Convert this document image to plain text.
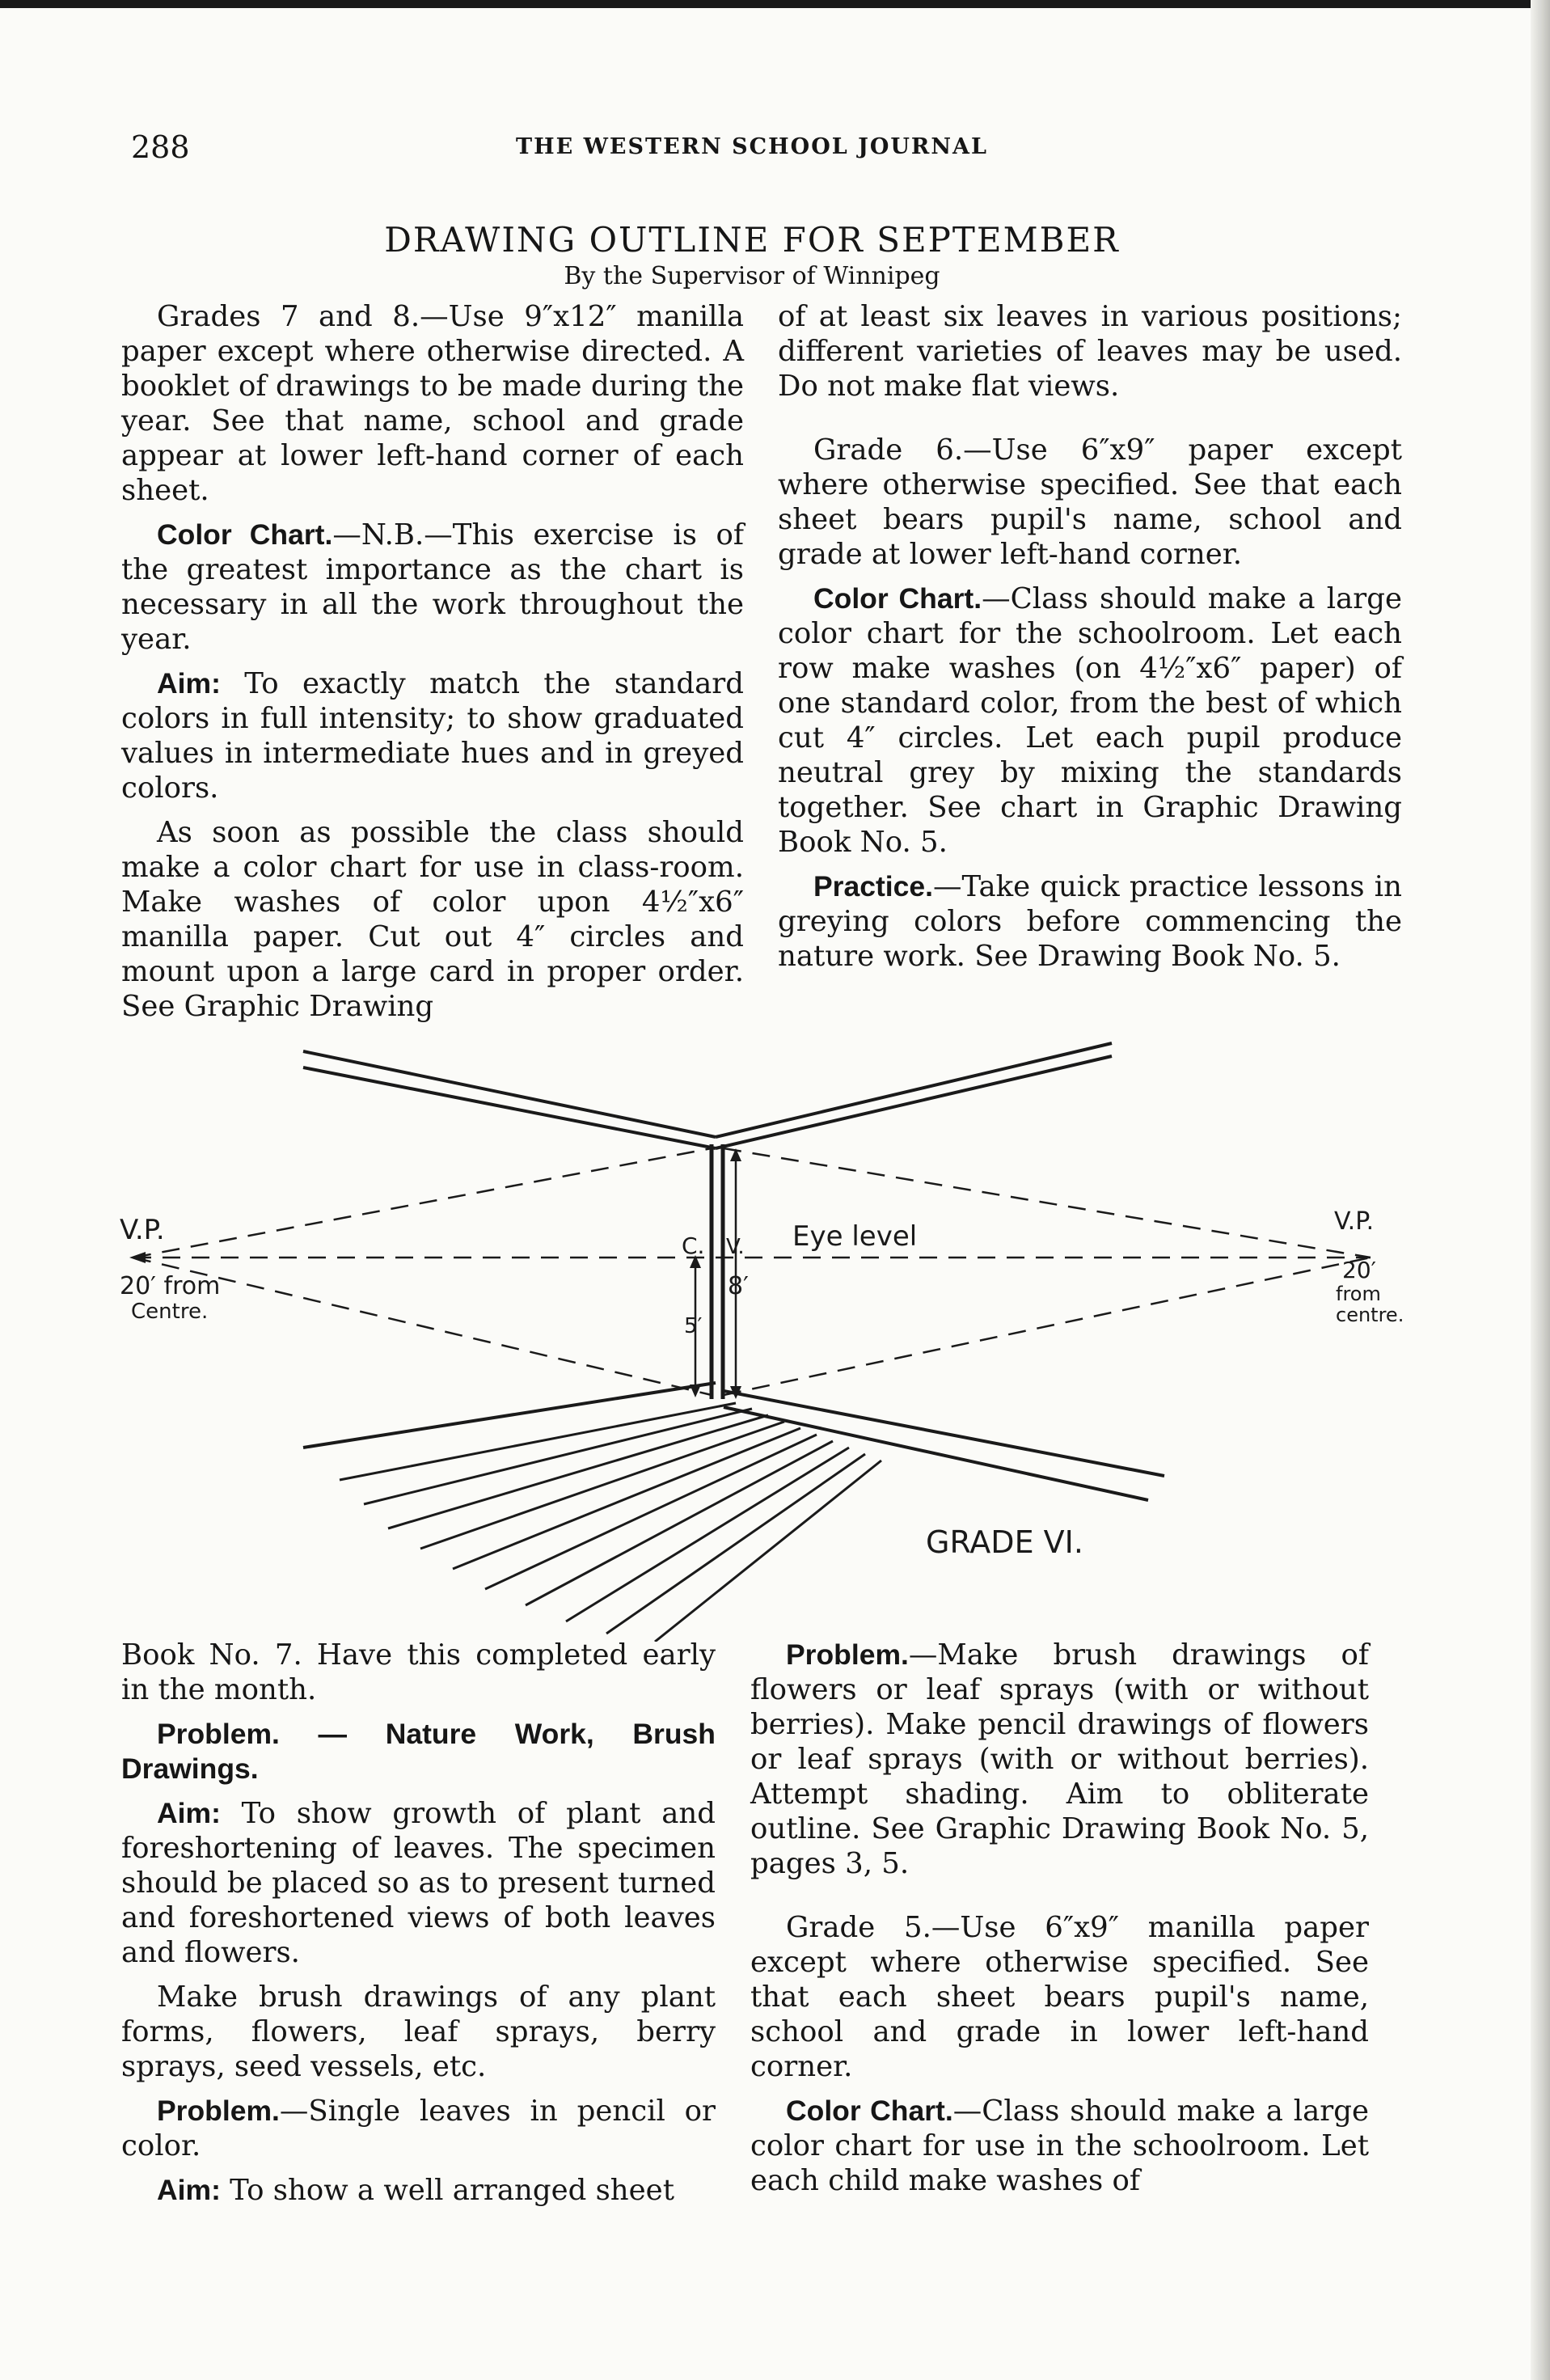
288	THE WESTERN SCHOOL JOURNAL
DRAWING OUTLINE FOR SEPTEMBER
By the Supervisor of Winnipeg

Grades 7 and 8.—Use 9″x12″ manilla paper except where otherwise directed. A booklet of drawings to be made during the year. See that name, school and grade appear at lower left-hand corner of each sheet.

Color Chart.—N.B.—This exercise is of the greatest importance as the chart is necessary in all the work throughout the year.

Aim: To exactly match the standard colors in full intensity; to show graduated values in intermediate hues and in greyed colors.

As soon as possible the class should make a color chart for use in class-room. Make washes of color upon 4½″x6″ manilla paper. Cut out 4″ circles and mount upon a large card in proper order. See Graphic Drawing

of at least six leaves in various positions; different varieties of leaves may be used. Do not make flat views.

Grade 6.—Use 6″x9″ paper except where otherwise specified. See that each sheet bears pupil's name, school and grade at lower left-hand corner.

Color Chart.—Class should make a large color chart for the schoolroom. Let each row make washes (on 4½″x6″ paper) of one standard color, from the best of which cut 4″ circles. Let each pupil produce neutral grey by mixing the standards together. See chart in Graphic Drawing Book No. 5.

Practice.—Take quick practice lessons in greying colors before commencing the nature work. See Drawing Book No. 5.

V.P.
20′ from
Centre.
V.P.
20′
from
centre.
C. V. Eye level
5′
8′
GRADE VI.

Book No. 7. Have this completed early in the month.

Problem. — Nature Work, Brush Drawings.

Aim: To show growth of plant and foreshortening of leaves. The specimen should be placed so as to present turned and foreshortened views of both leaves and flowers.

Make brush drawings of any plant forms, flowers, leaf sprays, berry sprays, seed vessels, etc.

Problem.—Single leaves in pencil or color.

Aim: To show a well arranged sheet

Problem.—Make brush drawings of flowers or leaf sprays (with or without berries). Make pencil drawings of flowers or leaf sprays (with or without berries). Attempt shading. Aim to obliterate outline. See Graphic Drawing Book No. 5, pages 3, 5.

Grade 5.—Use 6″x9″ manilla paper except where otherwise specified. See that each sheet bears pupil's name, school and grade in lower left-hand corner.

Color Chart.—Class should make a large color chart for use in the schoolroom. Let each child make washes of
